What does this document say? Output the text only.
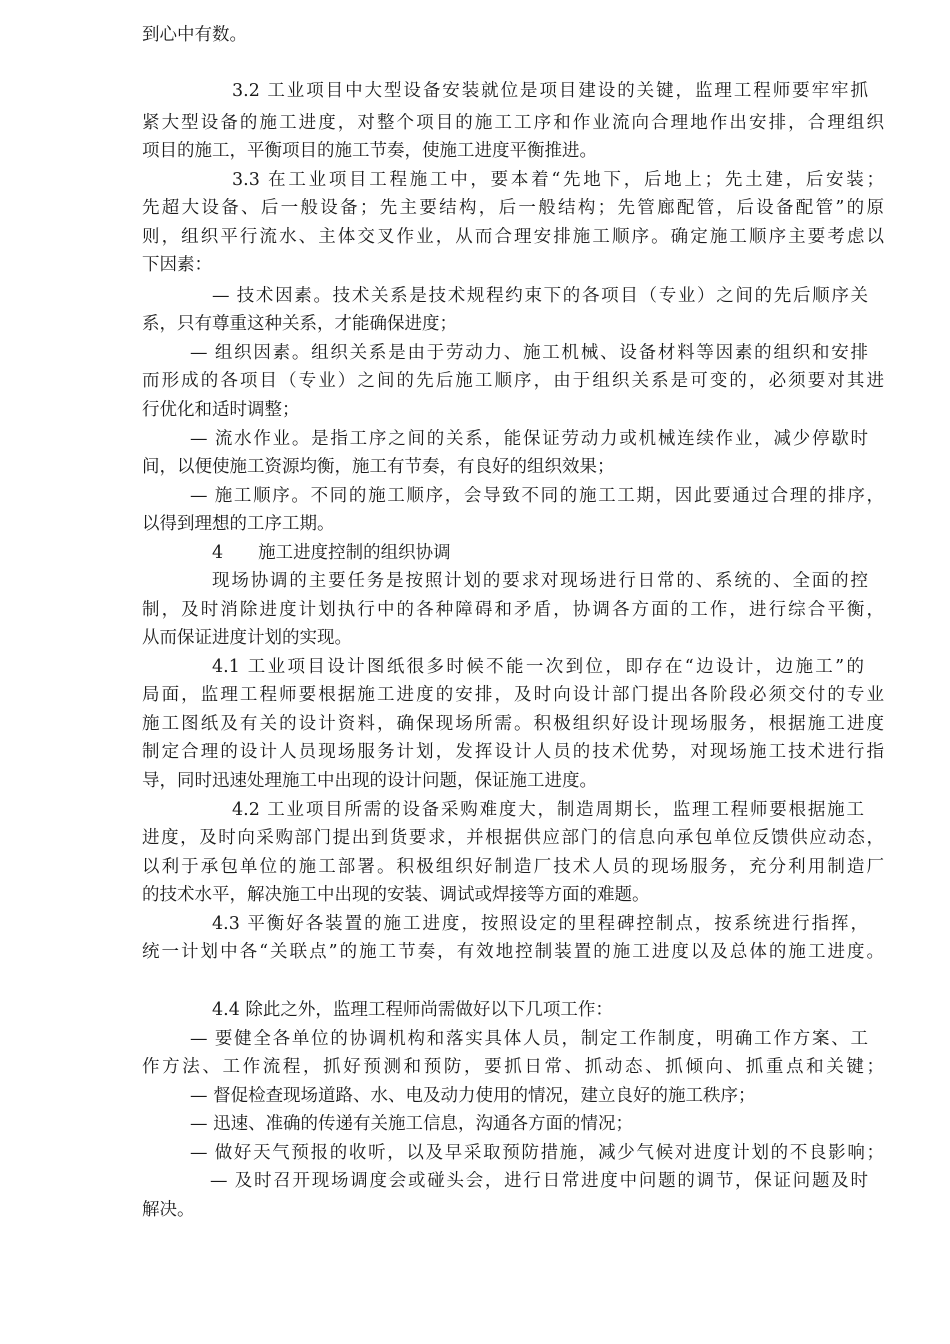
到心中有数。
3.2 工业项目中大型设备安装就位是项目建设的关键，监理工程师要牢牢抓
紧大型设备的施工进度，对整个项目的施工工序和作业流向合理地作出安排，合理组织
项目的施工，平衡项目的施工节奏，使施工进度平衡推进。
3.3 在工业项目工程施工中，要本着“先地下，后地上；先土建，后安装；
先超大设备、后一般设备；先主要结构，后一般结构；先管廊配管，后设备配管”的原
则，组织平行流水、主体交叉作业，从而合理安排施工顺序。确定施工顺序主要考虑以
下因素：
— 技术因素。技术关系是技术规程约束下的各项目（专业）之间的先后顺序关
系，只有尊重这种关系，才能确保进度；
— 组织因素。组织关系是由于劳动力、施工机械、设备材料等因素的组织和安排
而形成的各项目（专业）之间的先后施工顺序，由于组织关系是可变的，必须要对其进
行优化和适时调整；
— 流水作业。是指工序之间的关系，能保证劳动力或机械连续作业，减少停歇时
间，以便使施工资源均衡，施工有节奏，有良好的组织效果；
— 施工顺序。不同的施工顺序，会导致不同的施工工期，因此要通过合理的排序，
以得到理想的工序工期。
4　　施工进度控制的组织协调
现场协调的主要任务是按照计划的要求对现场进行日常的、系统的、全面的控
制，及时消除进度计划执行中的各种障碍和矛盾，协调各方面的工作，进行综合平衡，
从而保证进度计划的实现。
4.1 工业项目设计图纸很多时候不能一次到位，即存在“边设计，边施工”的
局面，监理工程师要根据施工进度的安排，及时向设计部门提出各阶段必须交付的专业
施工图纸及有关的设计资料，确保现场所需。积极组织好设计现场服务，根据施工进度
制定合理的设计人员现场服务计划，发挥设计人员的技术优势，对现场施工技术进行指
导，同时迅速处理施工中出现的设计问题，保证施工进度。
4.2 工业项目所需的设备采购难度大，制造周期长，监理工程师要根据施工
进度，及时向采购部门提出到货要求，并根据供应部门的信息向承包单位反馈供应动态，
以利于承包单位的施工部署。积极组织好制造厂技术人员的现场服务，充分利用制造厂
的技术水平，解决施工中出现的安装、调试或焊接等方面的难题。
4.3 平衡好各装置的施工进度，按照设定的里程碑控制点，按系统进行指挥，
统一计划中各“关联点”的施工节奏，有效地控制装置的施工进度以及总体的施工进度。
4.4 除此之外，监理工程师尚需做好以下几项工作：
— 要健全各单位的协调机构和落实具体人员，制定工作制度，明确工作方案、工
作方法、工作流程，抓好预测和预防，要抓日常、抓动态、抓倾向、抓重点和关键；
— 督促检查现场道路、水、电及动力使用的情况，建立良好的施工秩序；
— 迅速、准确的传递有关施工信息，沟通各方面的情况；
— 做好天气预报的收听，以及早采取预防措施，减少气候对进度计划的不良影响；
— 及时召开现场调度会或碰头会，进行日常进度中问题的调节，保证问题及时
解决。
